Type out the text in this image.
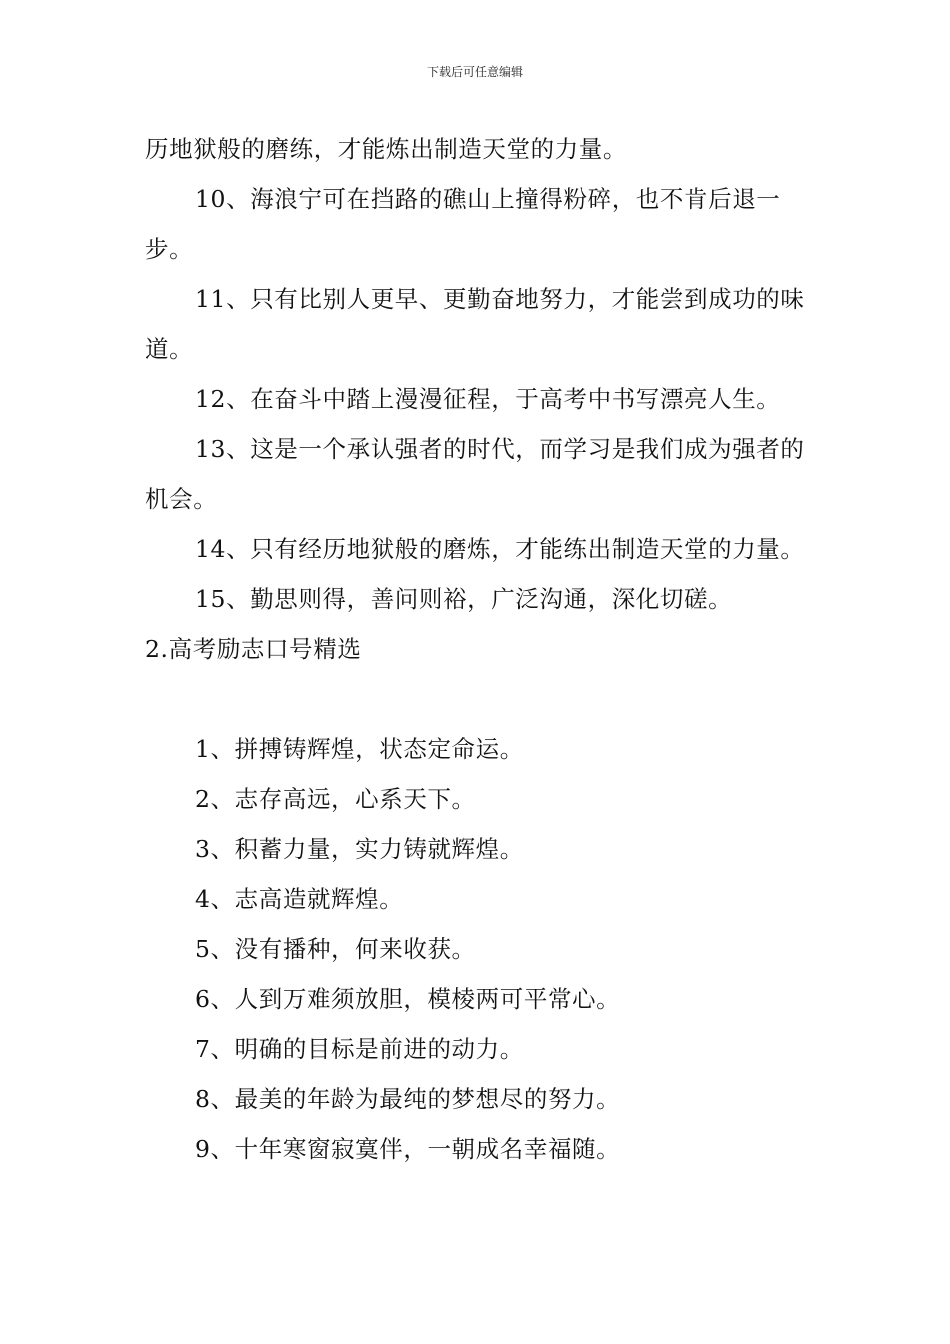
下载后可任意编辑

历地狱般的磨练，才能炼出制造天堂的力量。

10、海浪宁可在挡路的礁山上撞得粉碎，也不肯后退一步。

11、只有比别人更早、更勤奋地努力，才能尝到成功的味道。

12、在奋斗中踏上漫漫征程，于高考中书写漂亮人生。

13、这是一个承认强者的时代，而学习是我们成为强者的机会。

14、只有经历地狱般的磨炼，才能练出制造天堂的力量。

15、勤思则得，善问则裕，广泛沟通，深化切磋。

2.高考励志口号精选

1、拼搏铸辉煌，状态定命运。

2、志存高远，心系天下。

3、积蓄力量，实力铸就辉煌。

4、志高造就辉煌。

5、没有播种，何来收获。

6、人到万难须放胆，模棱两可平常心。

7、明确的目标是前进的动力。

8、最美的年龄为最纯的梦想尽的努力。

9、十年寒窗寂寞伴，一朝成名幸福随。
